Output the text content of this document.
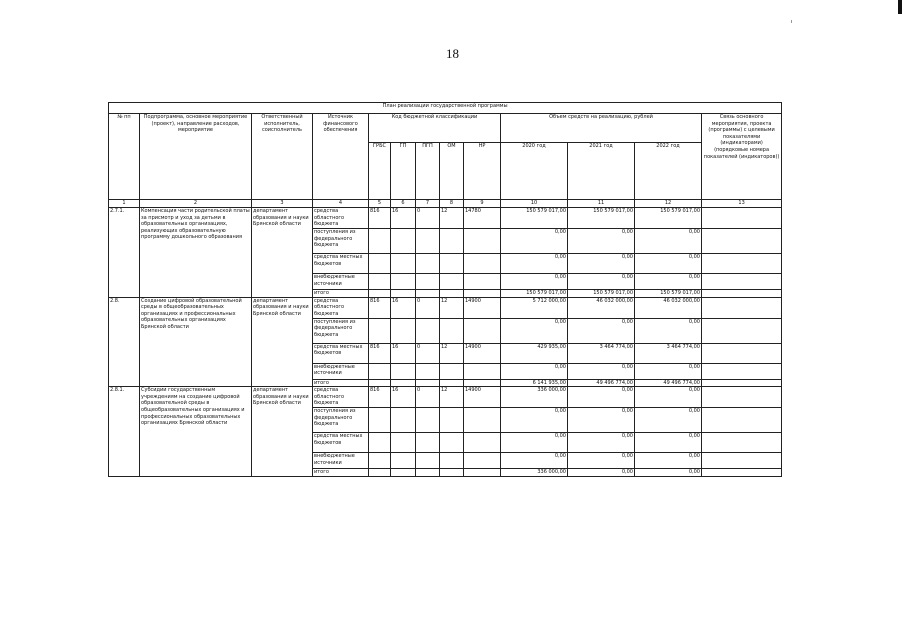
18
План реализации государственной программы												
№ пп	Подпрограмма, основное мероприятие (проект), направление расходов, мероприятие	Ответственный исполнитель, соисполнитель	Источник финансового обеспечения	Код бюджетной классификации					Объем средств на реализацию, рублей			Связь основного мероприятия, проекта (программы) с целевыми показателями (индикаторами) (порядковые номера показателей (индикаторов))
				ГРБС	ГП	ПГП	ОМ	НР	2020 год	2021 год	2022 год	
1	2	3	4	5	6	7	8	9	10	11	12	13
2.7.1.	Компенсация части родительской платы за присмотр и уход за детьми в образовательных организациях, реализующих образовательную программу дошкольного образования	департамент образования и науки Брянской области	средства областного бюджета	816	16	0	12	14780	150 579 017,00	150 579 017,00	150 579 017,00	
			поступления из федерального бюджета						0,00	0,00	0,00	
			средства местных бюджетов						0,00	0,00	0,00	
			внебюджетные источники						0,00	0,00	0,00	
			итого						150 579 017,00	150 579 017,00	150 579 017,00	
2.8.	Создание цифровой образовательной среды в общеобразовательных организациях и профессиональных образовательных организациях Брянской области	департамент образования и науки Брянской области	средства областного бюджета	816	16	0	12	14900	5 712 000,00	46 032 000,00	46 032 000,00	
			поступления из федерального бюджета						0,00	0,00	0,00	
			средства местных бюджетов	816	16	0	12	14900	429 935,00	3 464 774,00	3 464 774,00	
			внебюджетные источники						0,00	0,00	0,00	
			итого						6 141 935,00	49 496 774,00	49 496 774,00	
2.8.1.	Субсидии государственным учреждениям на создание цифровой образовательной среды в общеобразовательных организациях и профессиональных образовательных организациях Брянской области	департамент образования и науки Брянской области	средства областного бюджета	816	16	0	12	14900	336 000,00	0,00	0,00	
			поступления из федерального бюджета						0,00	0,00	0,00	
			средства местных бюджетов						0,00	0,00	0,00	
			внебюджетные источники						0,00	0,00	0,00	
			итого						336 000,00	0,00	0,00	
